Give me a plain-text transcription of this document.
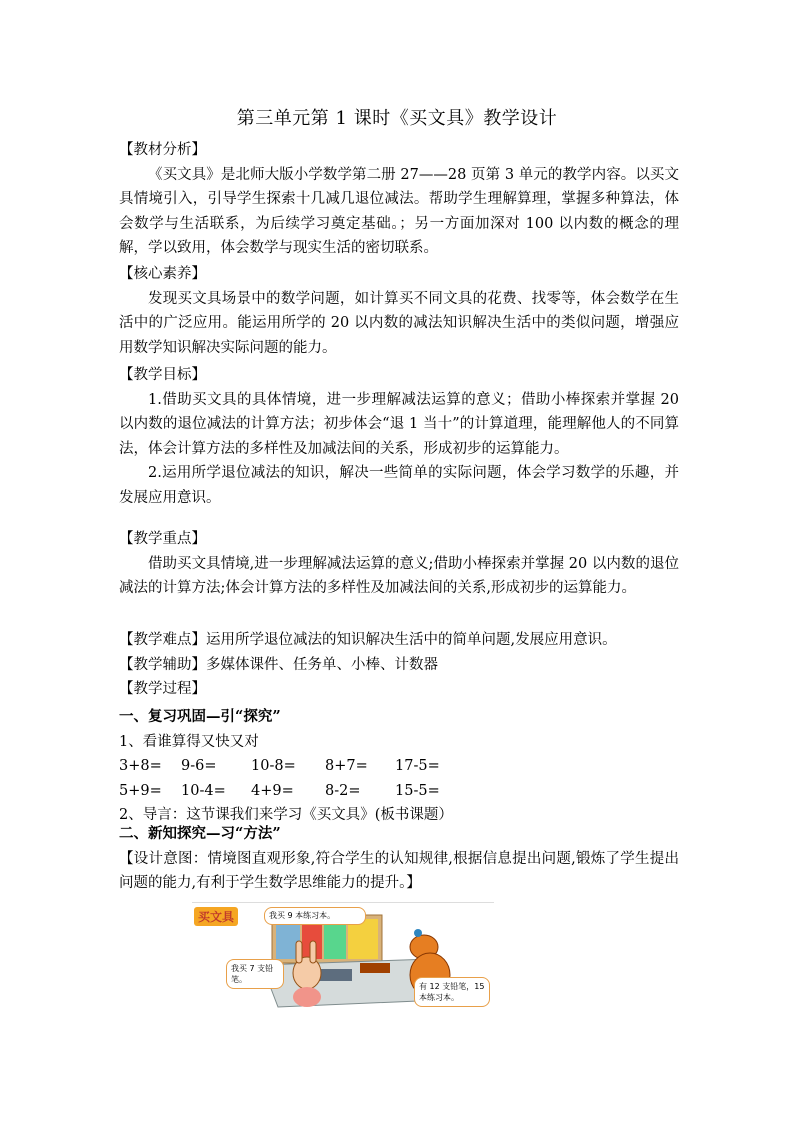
第三单元第 1 课时《买文具》教学设计
【教材分析】

《买文具》是北师大版小学数学第二册 27——28 页第 3 单元的教学内容。以买文具情境引入，引导学生探索十几减几退位减法。帮助学生理解算理，掌握多种算法，体会数学与生活联系，为后续学习奠定基础。；另一方面加深对 100 以内数的概念的理解，学以致用，体会数学与现实生活的密切联系。

【核心素养】

发现买文具场景中的数学问题，如计算买不同文具的花费、找零等，体会数学在生活中的广泛应用。能运用所学的 20 以内数的减法知识解决生活中的类似问题，增强应用数学知识解决实际问题的能力。

【教学目标】

1.借助买文具的具体情境，进一步理解减法运算的意义；借助小棒探索并掌握 20 以内数的退位减法的计算方法；初步体会“退 1 当十”的计算道理，能理解他人的不同算法，体会计算方法的多样性及加减法间的关系，形成初步的运算能力。

2.运用所学退位减法的知识，解决一些简单的实际问题，体会学习数学的乐趣，并发展应用意识。

【教学重点】

借助买文具情境,进一步理解减法运算的意义;借助小棒探索并掌握 20 以内数的退位减法的计算方法;体会计算方法的多样性及加减法间的关系,形成初步的运算能力。

【教学难点】运用所学退位减法的知识解决生活中的简单问题,发展应用意识。
【教学辅助】多媒体课件、任务单、小棒、计数器
【教学过程】
一、复习巩固—引“探究”
1、看谁算得又快又对
3+8=	9-6=	10-8=	8+7=	17-5=
5+9=	10-4=	4+9=	8-2=	15-5=
2、导言：这节课我们来学习《买文具》(板书课题）
二、新知探究—习“方法”
【设计意图：情境图直观形象,符合学生的认知规律,根据信息提出问题,锻炼了学生提出问题的能力,有利于学生数学思维能力的提升。】
买文具	我买 9 本练习本。
我买 7 支铅笔。
有 12 支铅笔，15 本练习本。
